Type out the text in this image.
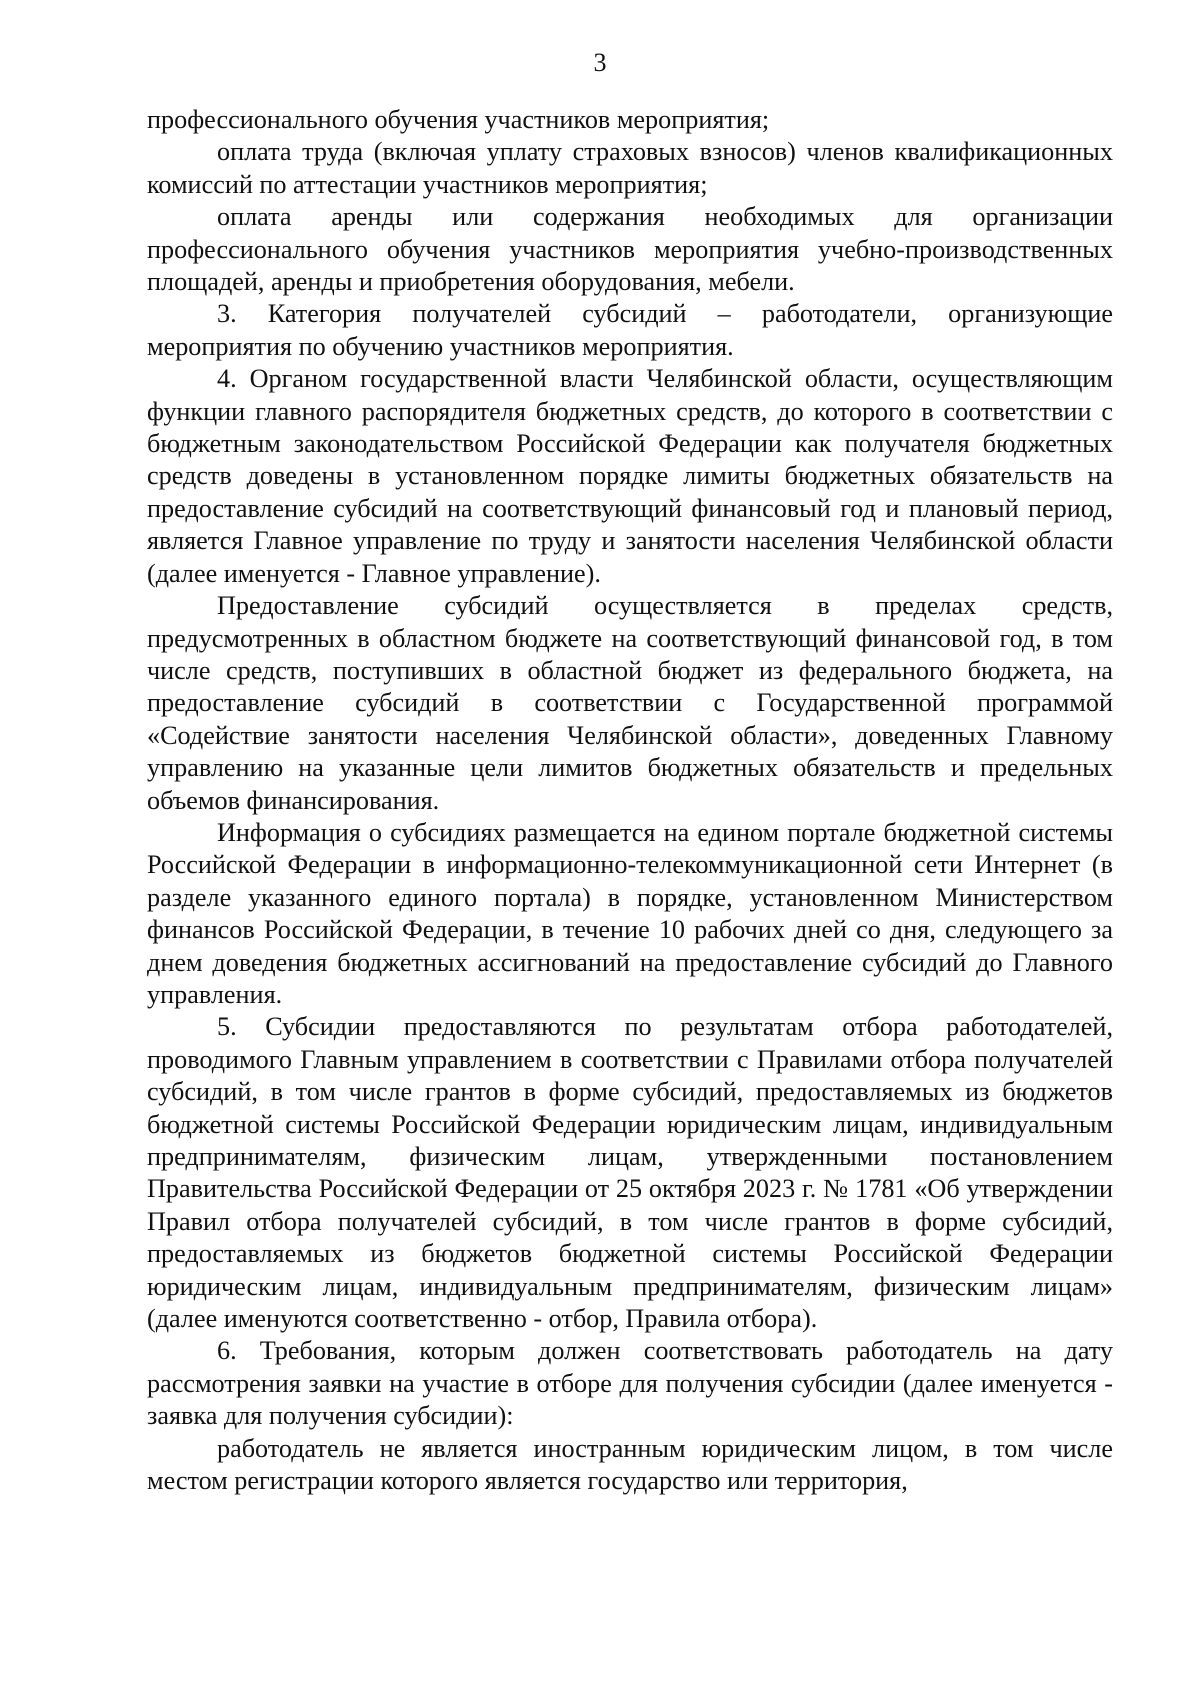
3

профессионального обучения участников мероприятия;

оплата труда (включая уплату страховых взносов) членов квалификационных комиссий по аттестации участников мероприятия;

оплата аренды или содержания необходимых для организации профессионального обучения участников мероприятия учебно-производственных площадей, аренды и приобретения оборудования, мебели.

3. Категория получателей субсидий – работодатели, организующие мероприятия по обучению участников мероприятия.

4. Органом государственной власти Челябинской области, осуществляющим функции главного распорядителя бюджетных средств, до которого в соответствии с бюджетным законодательством Российской Федерации как получателя бюджетных средств доведены в установленном порядке лимиты бюджетных обязательств на предоставление субсидий на соответствующий финансовый год и плановый период, является Главное управление по труду и занятости населения Челябинской области (далее именуется - Главное управление).

Предоставление субсидий осуществляется в пределах средств, предусмотренных в областном бюджете на соответствующий финансовой год, в том числе средств, поступивших в областной бюджет из федерального бюджета, на предоставление субсидий в соответствии с Государственной программой «Содействие занятости населения Челябинской области», доведенных Главному управлению на указанные цели лимитов бюджетных обязательств и предельных объемов финансирования.

Информация о субсидиях размещается на едином портале бюджетной системы Российской Федерации в информационно-телекоммуникационной сети Интернет (в разделе указанного единого портала) в порядке, установленном Министерством финансов Российской Федерации, в течение 10 рабочих дней со дня, следующего за днем доведения бюджетных ассигнований на предоставление субсидий до Главного управления.

5. Субсидии предоставляются по результатам отбора работодателей, проводимого Главным управлением в соответствии с Правилами отбора получателей субсидий, в том числе грантов в форме субсидий, предоставляемых из бюджетов бюджетной системы Российской Федерации юридическим лицам, индивидуальным предпринимателям, физическим лицам, утвержденными постановлением Правительства Российской Федерации от 25 октября 2023 г. № 1781 «Об утверждении Правил отбора получателей субсидий, в том числе грантов в форме субсидий, предоставляемых из бюджетов бюджетной системы Российской Федерации юридическим лицам, индивидуальным предпринимателям, физическим лицам» (далее именуются соответственно - отбор, Правила отбора).

6. Требования, которым должен соответствовать работодатель на дату рассмотрения заявки на участие в отборе для получения субсидии (далее именуется - заявка для получения субсидии):

работодатель не является иностранным юридическим лицом, в том числе местом регистрации которого является государство или территория,
